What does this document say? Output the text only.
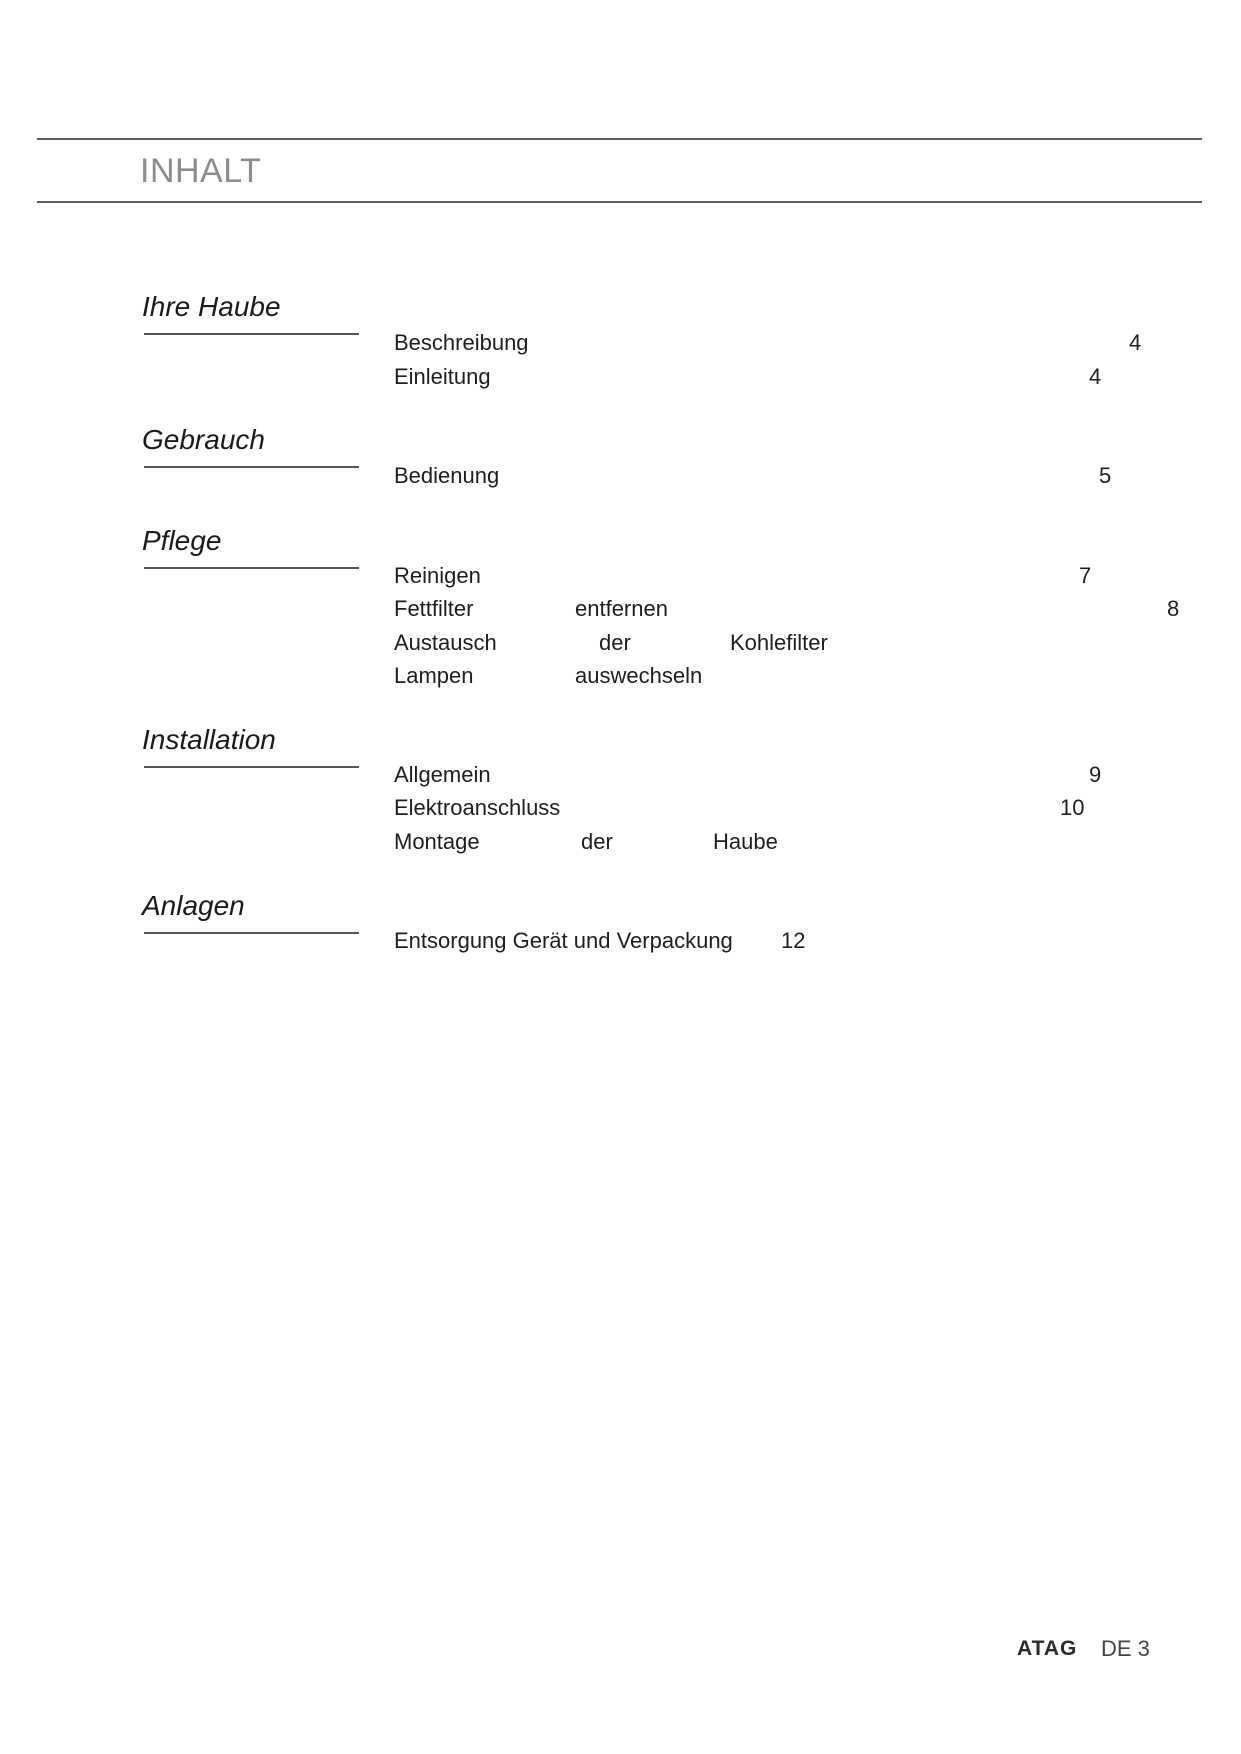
INHALT
Ihre Haube
Beschreibung	4
Einleitung	4
Gebrauch
Bedienung	5
Pflege
Reinigen	7
Fettfilter	entfernen	8
Austausch	der	Kohlefilter
Lampen	auswechseln
Installation
Allgemein	9
Elektroanschluss	10
Montage	der	Haube
Anlagen
Entsorgung Gerät und Verpackung 12
ATAG DE 3
